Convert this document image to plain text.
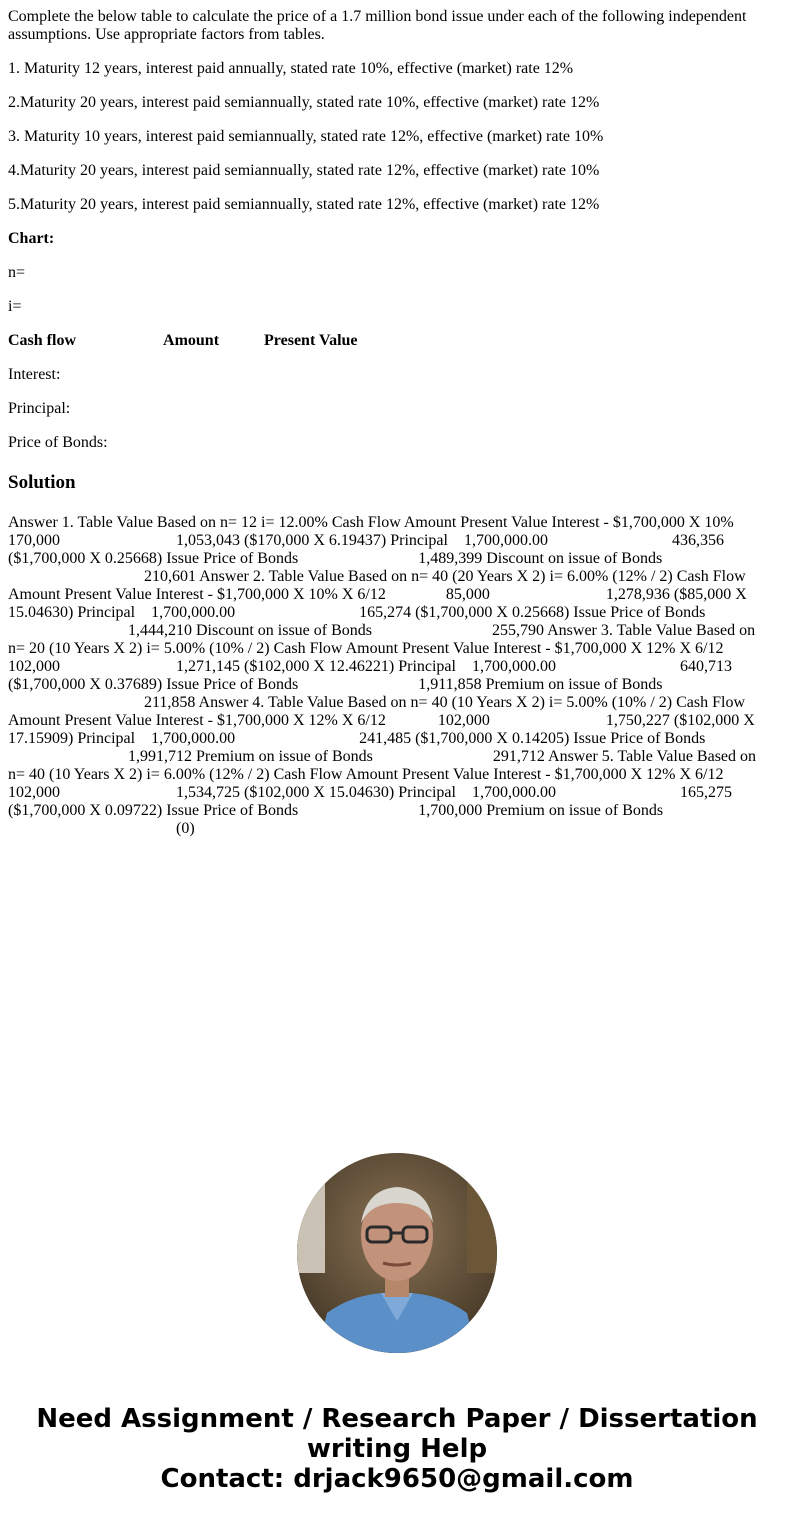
Complete the below table to calculate the price of a 1.7 million bond issue under each of the following independent assumptions. Use appropriate factors from tables.

1. Maturity 12 years, interest paid annually, stated rate 10%, effective (market) rate 12%

2.Maturity 20 years, interest paid semiannually, stated rate 10%, effective (market) rate 12%

3. Maturity 10 years, interest paid semiannually, stated rate 12%, effective (market) rate 10%

4.Maturity 20 years, interest paid semiannually, stated rate 12%, effective (market) rate 10%

5.Maturity 20 years, interest paid semiannually, stated rate 12%, effective (market) rate 12%

Chart:

n=

i=

Cash flow	Amount	Present Value

Interest:

Principal:

Price of Bonds:

Solution
Answer 1. Table Value Based on n= 12 i= 12.00% Cash Flow Amount Present Value Interest - $1,700,000 X 10%
170,000                             1,053,043 ($170,000 X 6.19437) Principal    1,700,000.00                               436,356
($1,700,000 X 0.25668) Issue Price of Bonds                              1,489,399 Discount on issue of Bonds
210,601 Answer 2. Table Value Based on n= 40 (20 Years X 2) i= 6.00% (12% / 2) Cash Flow
Amount Present Value Interest - $1,700,000 X 10% X 6/12               85,000                             1,278,936 ($85,000 X
15.04630) Principal    1,700,000.00                               165,274 ($1,700,000 X 0.25668) Issue Price of Bonds
1,444,210 Discount on issue of Bonds                              255,790 Answer 3. Table Value Based on
n= 20 (10 Years X 2) i= 5.00% (10% / 2) Cash Flow Amount Present Value Interest - $1,700,000 X 12% X 6/12
102,000                             1,271,145 ($102,000 X 12.46221) Principal    1,700,000.00                               640,713
($1,700,000 X 0.37689) Issue Price of Bonds                              1,911,858 Premium on issue of Bonds
211,858 Answer 4. Table Value Based on n= 40 (10 Years X 2) i= 5.00% (10% / 2) Cash Flow
Amount Present Value Interest - $1,700,000 X 12% X 6/12             102,000                             1,750,227 ($102,000 X
17.15909) Principal    1,700,000.00                               241,485 ($1,700,000 X 0.14205) Issue Price of Bonds
1,991,712 Premium on issue of Bonds                              291,712 Answer 5. Table Value Based on
n= 40 (10 Years X 2) i= 6.00% (12% / 2) Cash Flow Amount Present Value Interest - $1,700,000 X 12% X 6/12
102,000                             1,534,725 ($102,000 X 15.04630) Principal    1,700,000.00                               165,275
($1,700,000 X 0.09722) Issue Price of Bonds                              1,700,000 Premium on issue of Bonds
(0)
Need Assignment / Research Paper / Dissertation
writing Help
Contact: drjack9650@gmail.com
